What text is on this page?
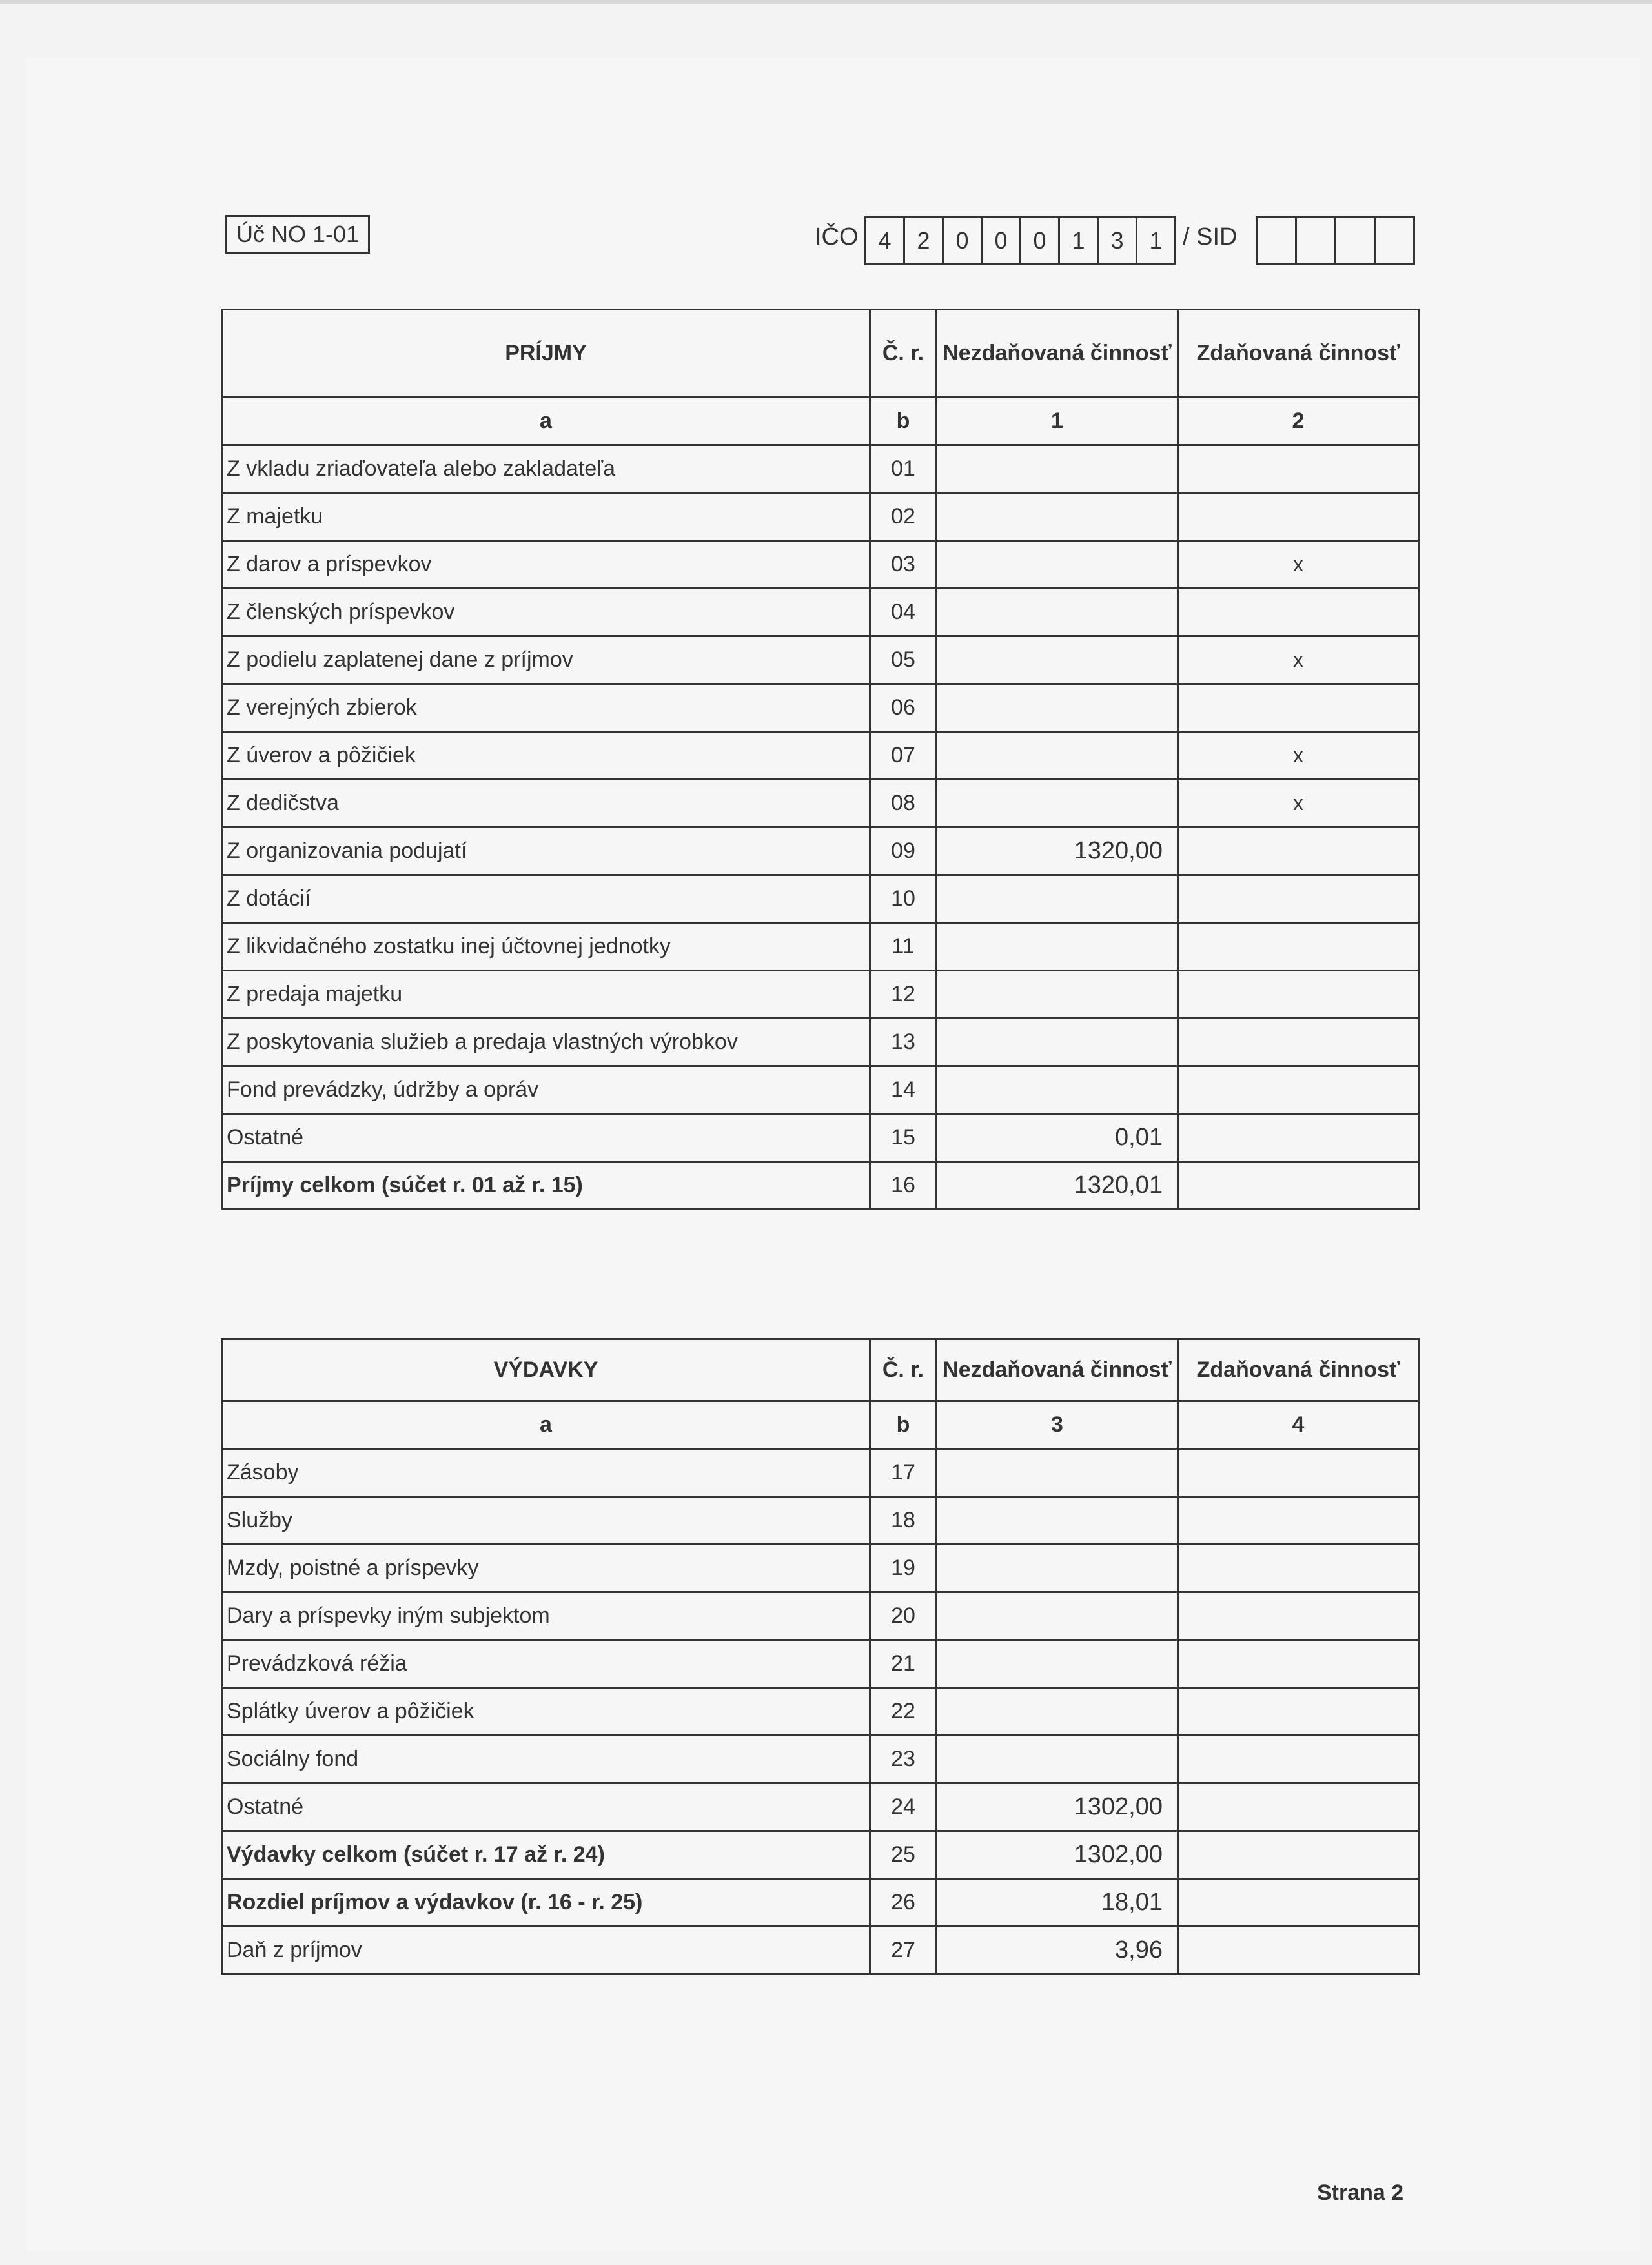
Úč NO 1-01	IČO 4	2	0	0	0	1	3	1 / SID
PRÍJMY	Č. r.	Nezdaňovaná činnosť	Zdaňovaná činnosť
a	b	1	2
Z vkladu zriaďovateľa alebo zakladateľa	01		
Z majetku	02		
Z darov a príspevkov	03		x
Z členských príspevkov	04		
Z podielu zaplatenej dane z príjmov	05		x
Z verejných zbierok	06		
Z úverov a pôžičiek	07		x
Z dedičstva	08		x
Z organizovania podujatí	09	1320,00	
Z dotácií	10		
Z likvidačného zostatku inej účtovnej jednotky	11		
Z predaja majetku	12		
Z poskytovania služieb a predaja vlastných výrobkov	13		
Fond prevádzky, údržby a opráv	14		
Ostatné	15	0,01	
Príjmy celkom (súčet r. 01 až r. 15)	16	1320,01	
VÝDAVKY	Č. r.	Nezdaňovaná činnosť	Zdaňovaná činnosť
a	b	3	4
Zásoby	17		
Služby	18		
Mzdy, poistné a príspevky	19		
Dary a príspevky iným subjektom	20		
Prevádzková réžia	21		
Splátky úverov a pôžičiek	22		
Sociálny fond	23		
Ostatné	24	1302,00	
Výdavky celkom (súčet r. 17 až r. 24)	25	1302,00	
Rozdiel príjmov a výdavkov (r. 16 - r. 25)	26	18,01	
Daň z príjmov	27	3,96	
Strana 2
